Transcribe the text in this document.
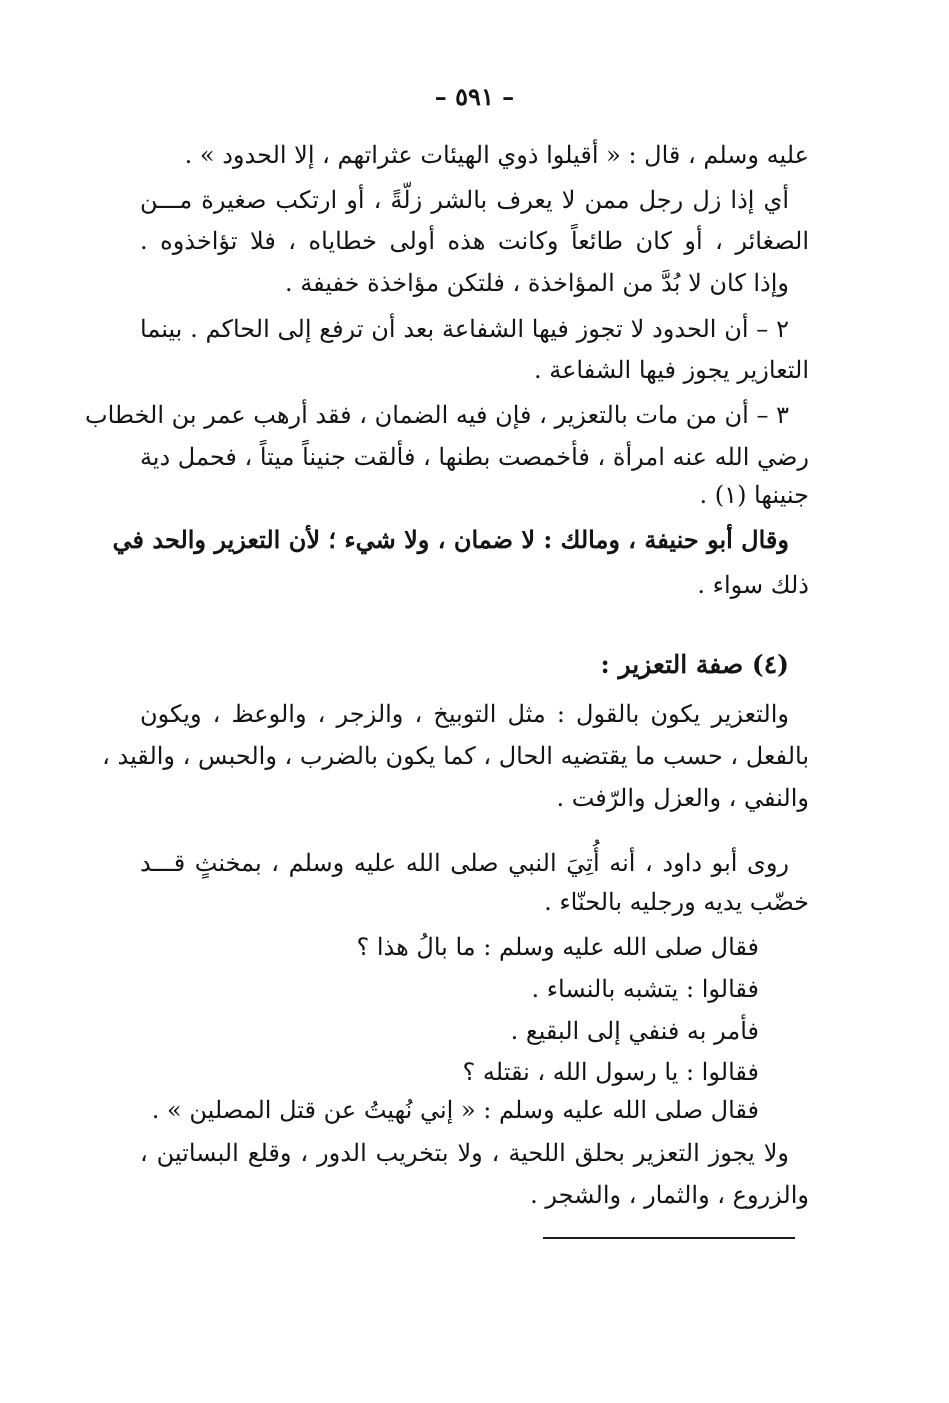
– ٥٩١ –
عليه وسلم ، قال : « أقيلوا ذوي الهيئات عثراتهم ، إلا الحدود » .
أي إذا زل رجل ممن لا يعرف بالشر زلّةً ، أو ارتكب صغيرة مـــن
الصغائر ، أو كان طائعاً وكانت هذه أولى خطاياه ، فلا تؤاخذوه .
وإذا كان لا بُدَّ من المؤاخذة ، فلتكن مؤاخذة خفيفة .
٢ – أن الحدود لا تجوز فيها الشفاعة بعد أن ترفع إلى الحاكم . بينما
التعازير يجوز فيها الشفاعة .
٣ – أن من مات بالتعزير ، فإن فيه الضمان ، فقد أرهب عمر بن الخطاب
رضي الله عنه امرأة ، فأخمصت بطنها ، فألقت جنيناً ميتاً ، فحمل دية
جنينها (١) .
وقال أبو حنيفة ، ومالك : لا ضمان ، ولا شيء ؛ لأن التعزير والحد في
ذلك سواء .
(٤) صفة التعزير :
والتعزير يكون بالقول : مثل التوبيخ ، والزجر ، والوعظ ، ويكون
بالفعل ، حسب ما يقتضيه الحال ، كما يكون بالضرب ، والحبس ، والقيد ،
والنفي ، والعزل والرّفت .
روى أبو داود ، أنه أُتِيَ النبي صلى الله عليه وسلم ، بمخنثٍ قـــد
خضّب يديه ورجليه بالحنّاء .
فقال صلى الله عليه وسلم : ما بالُ هذا ؟
فقالوا : يتشبه بالنساء .
فأمر به فنفي إلى البقيع .
فقالوا : يا رسول الله ، نقتله ؟
فقال صلى الله عليه وسلم : « إني نُهيتُ عن قتل المصلين » .
ولا يجوز التعزير بحلق اللحية ، ولا بتخريب الدور ، وقلع البساتين ،
والزروع ، والثمار ، والشجر .
